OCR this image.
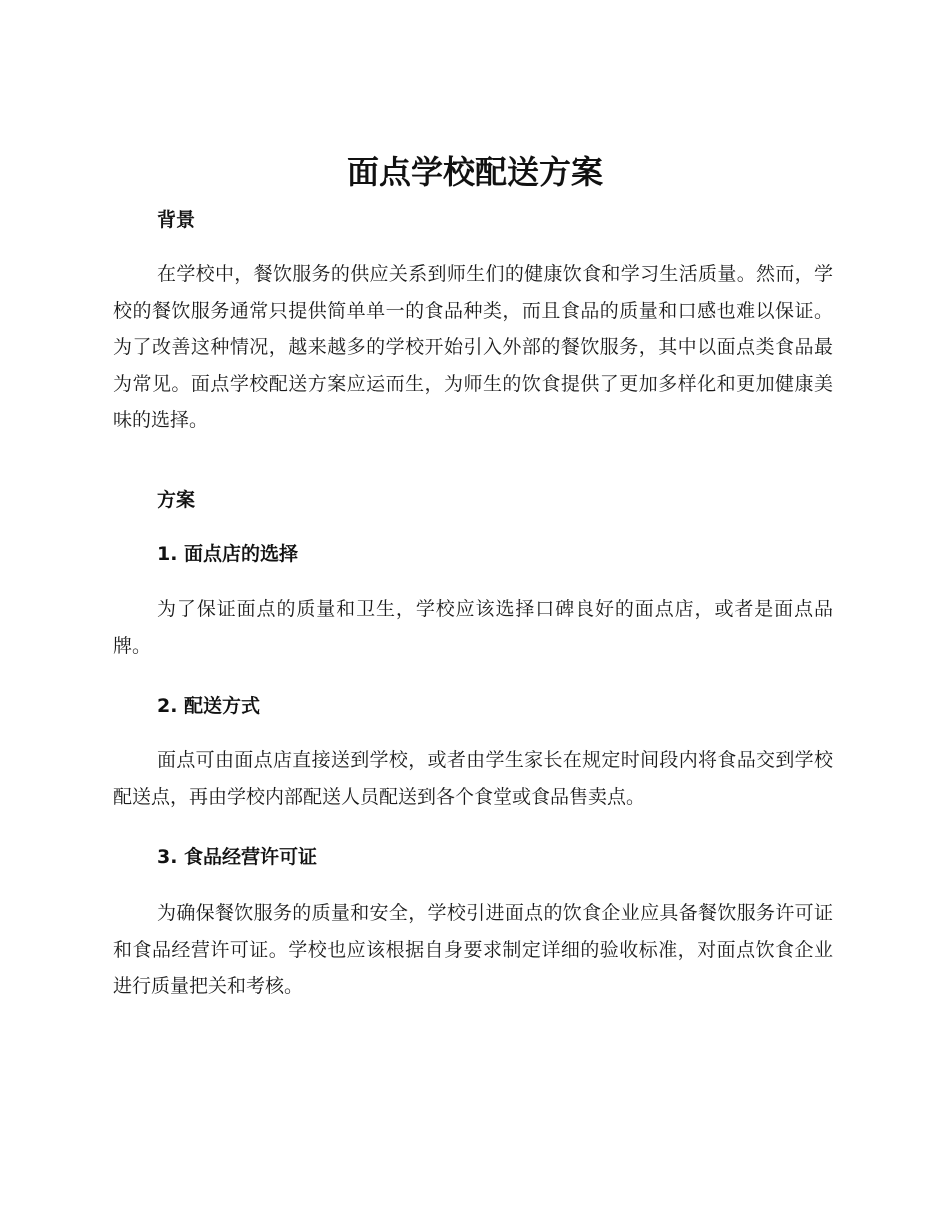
面点学校配送方案
背景

在学校中，餐饮服务的供应关系到师生们的健康饮食和学习生活质量。然而，学校的餐饮服务通常只提供简单单一的食品种类，而且食品的质量和口感也难以保证。为了改善这种情况，越来越多的学校开始引入外部的餐饮服务，其中以面点类食品最为常见。面点学校配送方案应运而生，为师生的饮食提供了更加多样化和更加健康美味的选择。

方案
1. 面点店的选择

为了保证面点的质量和卫生，学校应该选择口碑良好的面点店，或者是面点品牌。

2. 配送方式

面点可由面点店直接送到学校，或者由学生家长在规定时间段内将食品交到学校配送点，再由学校内部配送人员配送到各个食堂或食品售卖点。

3. 食品经营许可证

为确保餐饮服务的质量和安全，学校引进面点的饮食企业应具备餐饮服务许可证和食品经营许可证。学校也应该根据自身要求制定详细的验收标准，对面点饮食企业进行质量把关和考核。
